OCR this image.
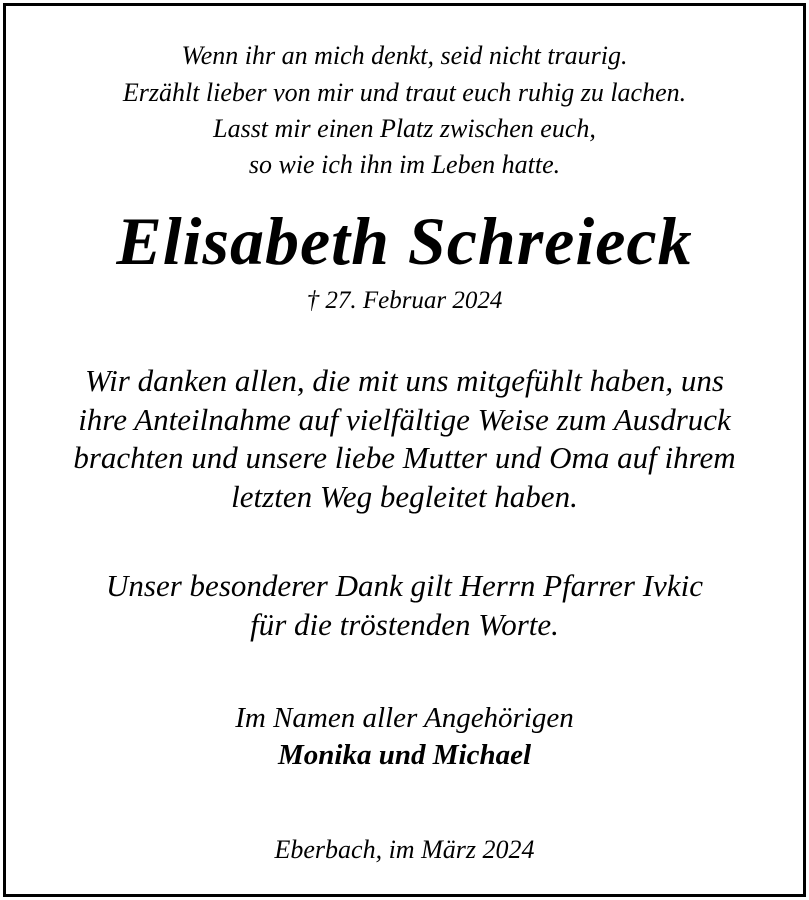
Wenn ihr an mich denkt, seid nicht traurig.
Erzählt lieber von mir und traut euch ruhig zu lachen.
Lasst mir einen Platz zwischen euch,
so wie ich ihn im Leben hatte.
Elisabeth Schreieck
† 27. Februar 2024
Wir danken allen, die mit uns mitgefühlt haben, uns
ihre Anteilnahme auf vielfältige Weise zum Ausdruck
brachten und unsere liebe Mutter und Oma auf ihrem
letzten Weg begleitet haben.
Unser besonderer Dank gilt Herrn Pfarrer Ivkic
für die tröstenden Worte.
Im Namen aller Angehörigen
Monika und Michael
Eberbach, im März 2024
